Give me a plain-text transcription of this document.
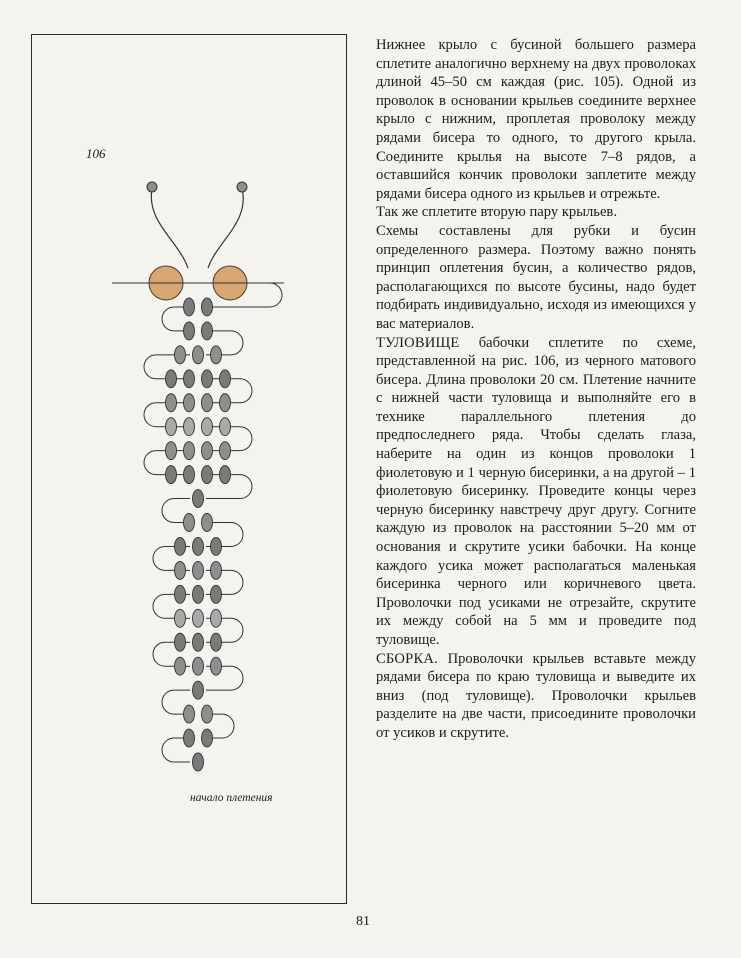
106
начало плетения

Нижнее крыло с бусиной большего размера сплетите аналогично верхнему на двух проволоках длиной 45–50 см каждая (рис. 105). Одной из проволок в основании крыльев соедините верхнее крыло с нижним, проплетая проволоку между рядами бисера то одного, то другого крыла. Соедините крылья на высоте 7–8 рядов, а оставшийся кончик проволоки заплетите между рядами бисера одного из крыльев и отрежьте.

Так же сплетите вторую пару крыльев.

Схемы составлены для рубки и бусин определенного размера. Поэтому важно понять принцип оплетения бусин, а количество рядов, располагающихся по высоте бусины, надо будет подбирать индивидуально, исходя из имеющихся у вас материалов.

ТУЛОВИЩЕ бабочки сплетите по схеме, представленной на рис. 106, из черного матового бисера. Длина проволоки 20 см. Плетение начните с нижней части туловища и выполняйте его в технике параллельного плетения до предпоследнего ряда. Чтобы сделать глаза, наберите на один из концов проволоки 1 фиолетовую и 1 черную бисеринки, а на другой – 1 фиолетовую бисеринку. Проведите концы через черную бисеринку навстречу друг другу. Согните каждую из проволок на расстоянии 5–20 мм от основания и скрутите усики бабочки. На конце каждого усика может располагаться маленькая бисеринка черного или коричневого цвета. Проволочки под усиками не отрезайте, скрутите их между собой на 5 мм и проведите под туловище.

СБОРКА. Проволочки крыльев вставьте между рядами бисера по краю туловища и выведите их вниз (под туловище). Проволочки крыльев разделите на две части, присоедините проволочки от усиков и скрутите.

81
